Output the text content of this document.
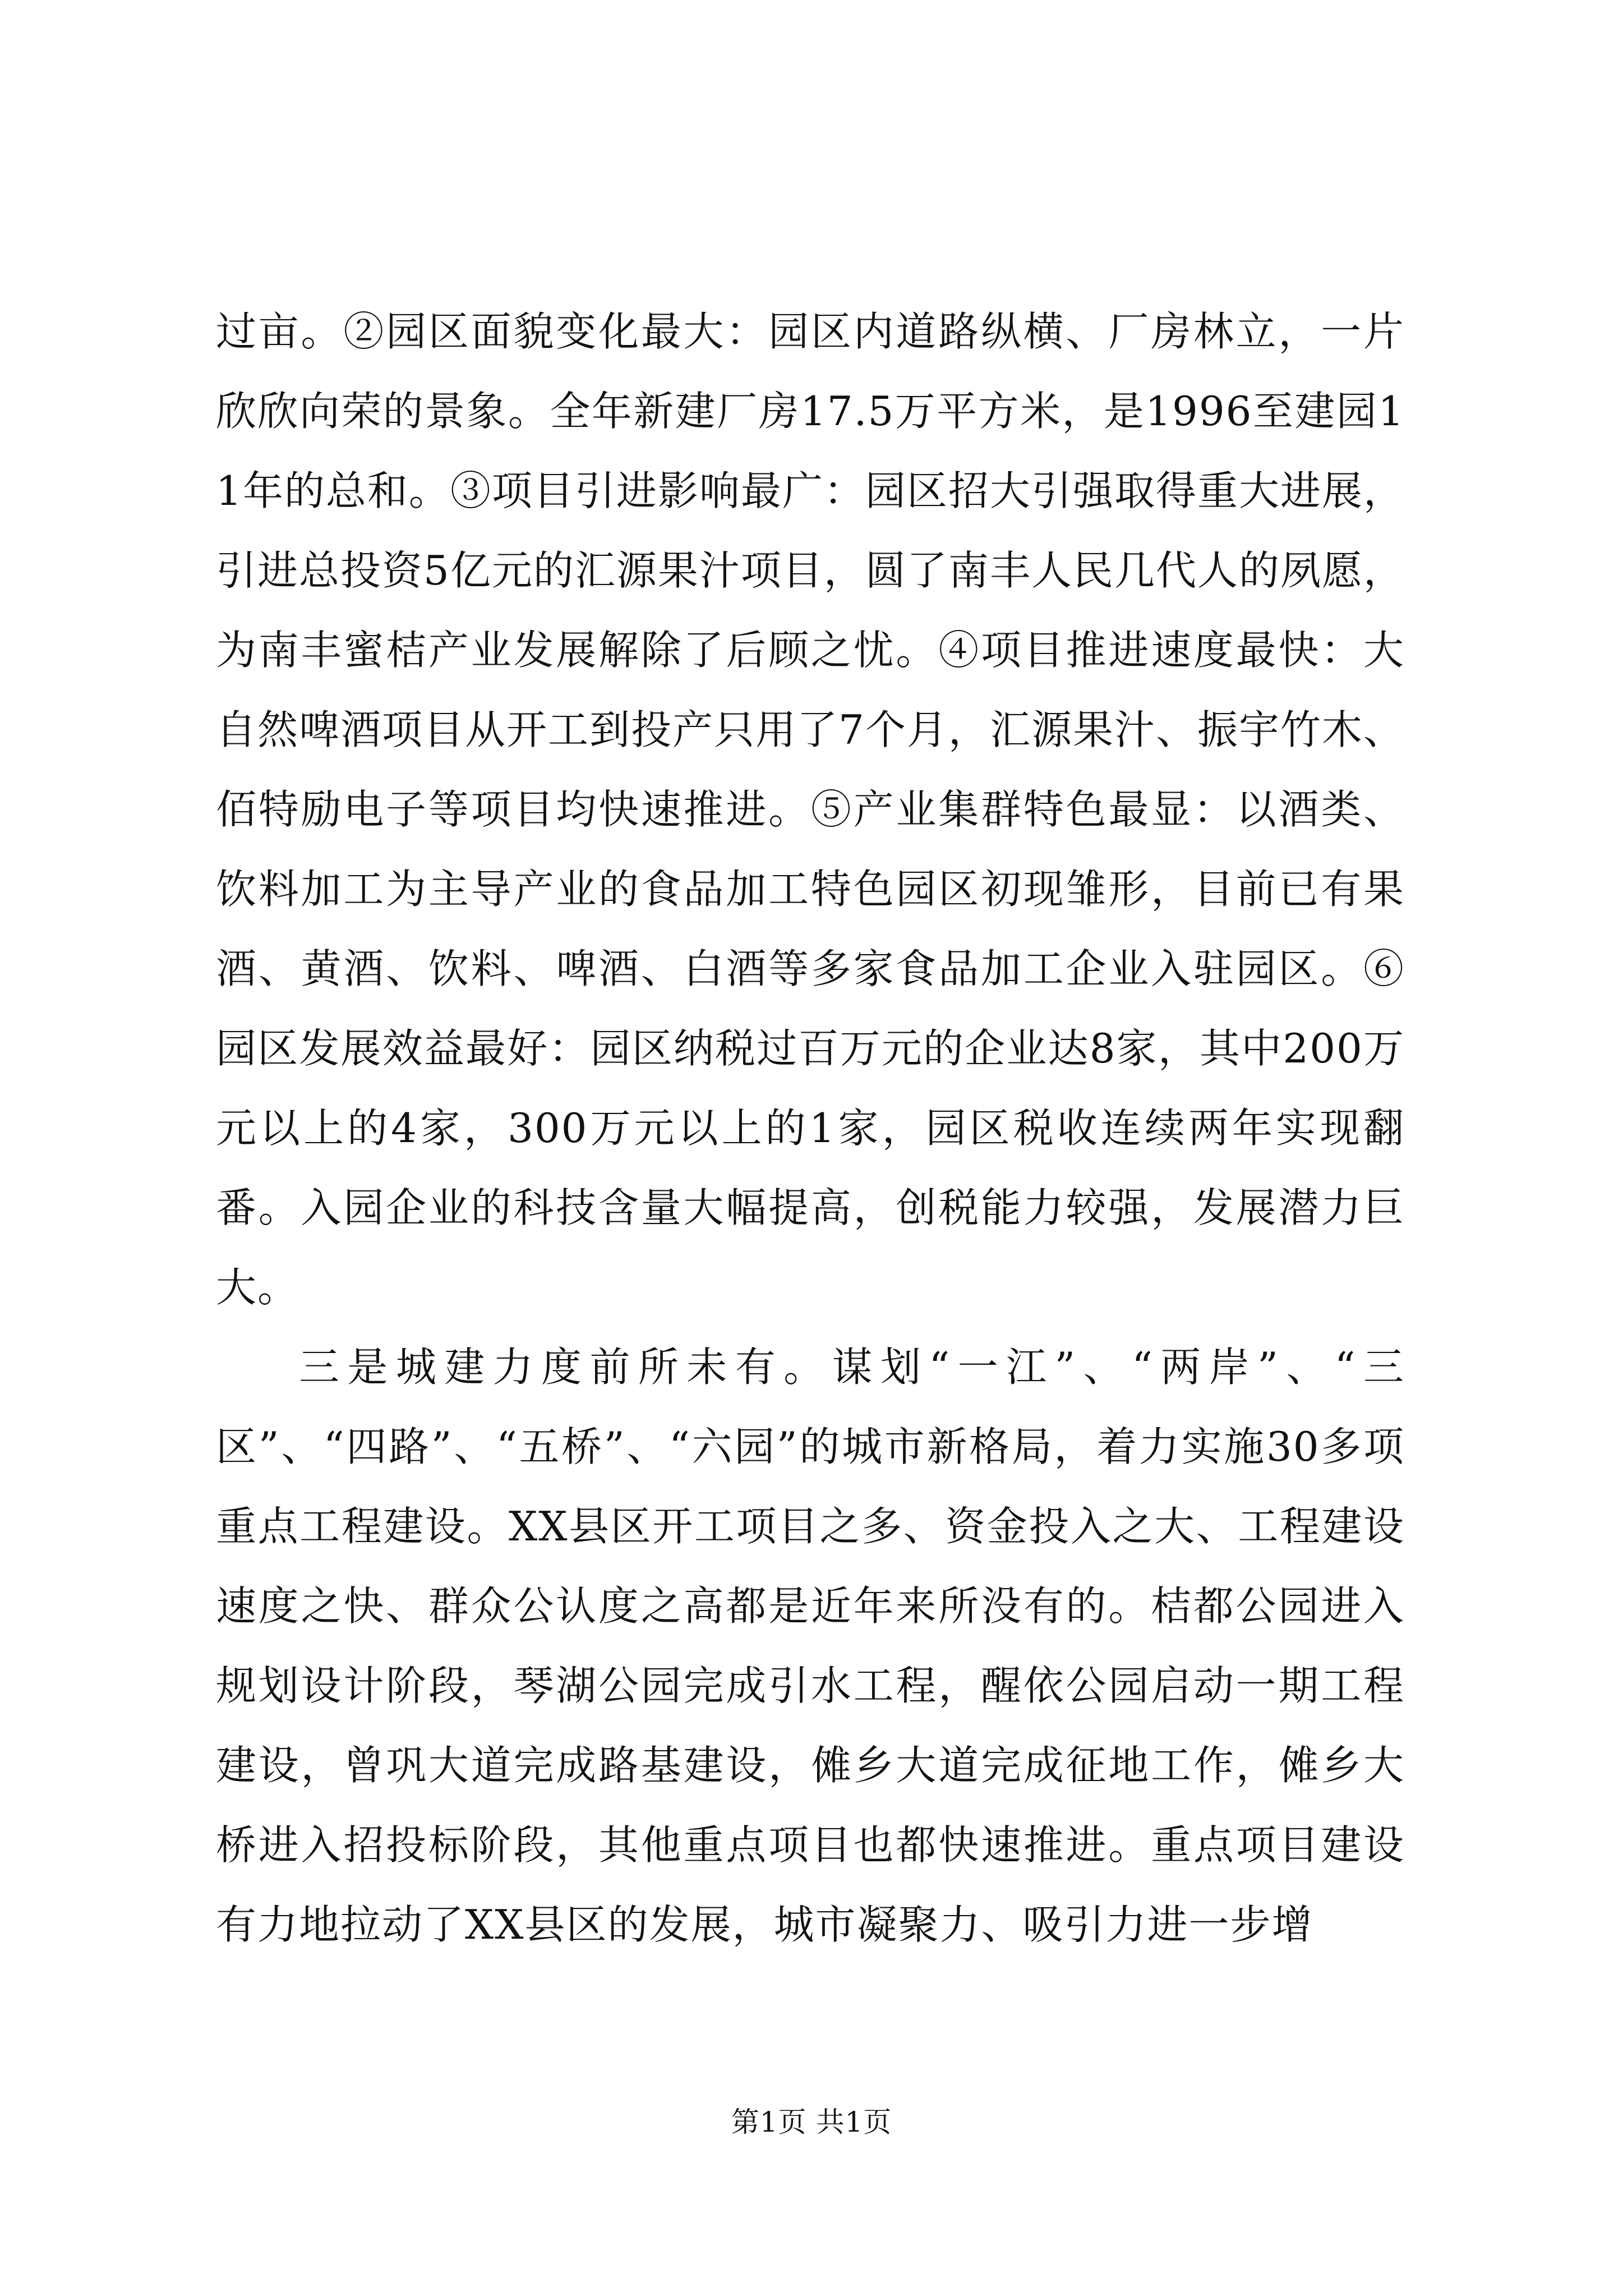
过亩。②园区面貌变化最大：园区内道路纵横、厂房林立，一片欣欣向荣的景象。全年新建厂房17.5万平方米，是1996至建园11年的总和。③项目引进影响最广：园区招大引强取得重大进展，引进总投资5亿元的汇源果汁项目，圆了南丰人民几代人的夙愿，为南丰蜜桔产业发展解除了后顾之忧。④项目推进速度最快：大自然啤酒项目从开工到投产只用了7个月，汇源果汁、振宇竹木、佰特励电子等项目均快速推进。⑤产业集群特色最显：以酒类、饮料加工为主导产业的食品加工特色园区初现雏形，目前已有果酒、黄酒、饮料、啤酒、白酒等多家食品加工企业入驻园区。⑥园区发展效益最好：园区纳税过百万元的企业达8家，其中200万元以上的4家，300万元以上的1家，园区税收连续两年实现翻番。入园企业的科技含量大幅提高，创税能力较强，发展潜力巨大。

三是城建力度前所未有。谋划“一江”、“两岸”、“三区”、“四路”、“五桥”、“六园”的城市新格局，着力实施30多项重点工程建设。XX县区开工项目之多、资金投入之大、工程建设速度之快、群众公认度之高都是近年来所没有的。桔都公园进入规划设计阶段，琴湖公园完成引水工程，醒依公园启动一期工程建设，曾巩大道完成路基建设，傩乡大道完成征地工作，傩乡大桥进入招投标阶段，其他重点项目也都快速推进。重点项目建设有力地拉动了XX县区的发展，城市凝聚力、吸引力进一步增

第1页 共1页
